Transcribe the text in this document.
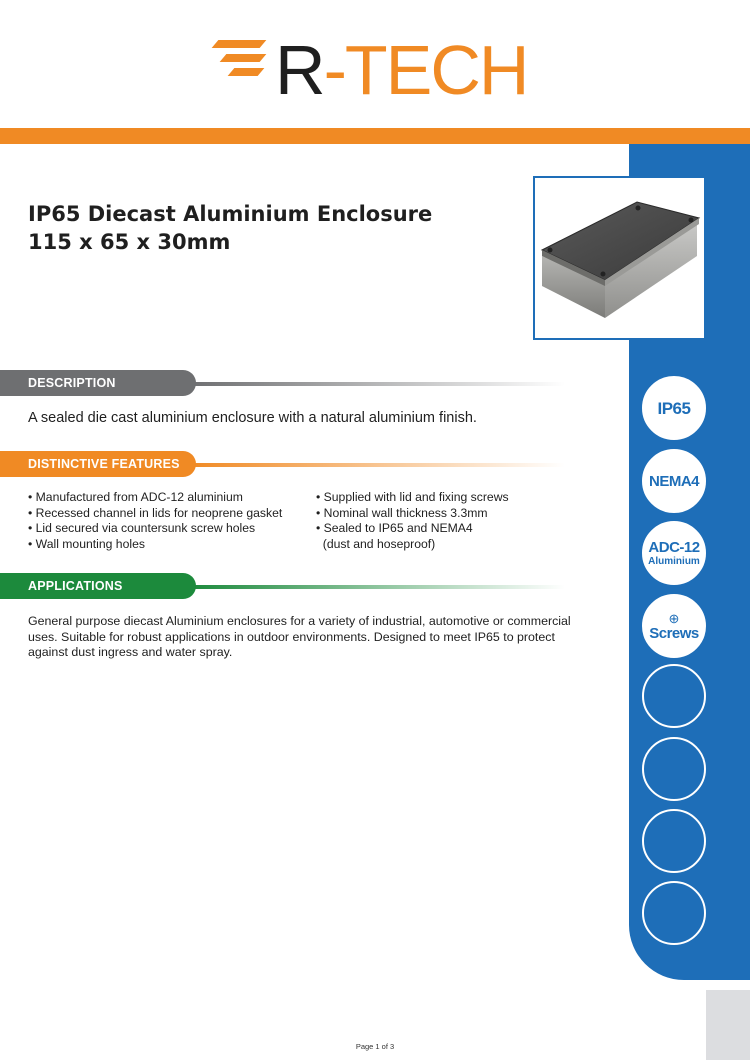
R-TECH
IP65
NEMA4
ADC-12
Aluminium
⊕
Screws
IP65 Diecast Aluminium Enclosure
115 x 65 x 30mm
DESCRIPTION
A sealed die cast aluminium enclosure with a natural aluminium finish.
DISTINCTIVE FEATURES
• Manufactured from ADC-12 aluminium
• Recessed channel in lids for neoprene gasket
• Lid secured via countersunk screw holes
• Wall mounting holes
• Supplied with lid and fixing screws
• Nominal wall thickness 3.3mm
• Sealed to IP65 and NEMA4
(dust and hoseproof)
APPLICATIONS

General purpose diecast Aluminium enclosures for a variety of industrial, automotive or commercial uses. Suitable for robust applications in outdoor environments. Designed to meet IP65 to protect against dust ingress and water spray.

Page 1 of 3
